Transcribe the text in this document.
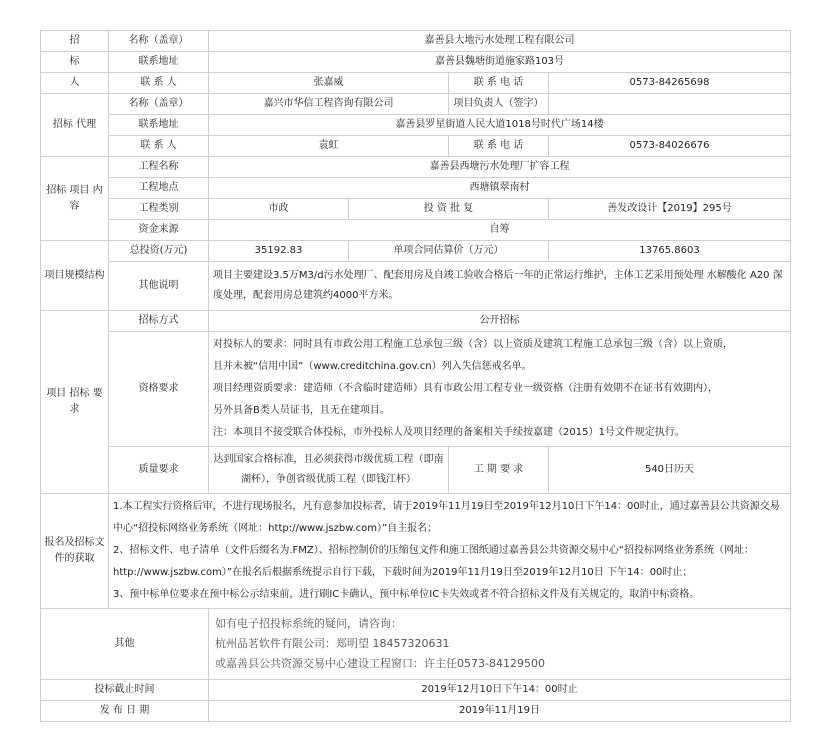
招	名称（盖章）	嘉善县大地污水处理工程有限公司			
标	联系地址	嘉善县魏塘街道施家路103号			
人	联 系 人	张嘉威		联 系 电 话	0573-84265698
招标 代理	名称（盖章）	嘉兴市华信工程咨询有限公司		项目负责人（签字）	
	联系地址	嘉善县罗星街道人民大道1018号时代广场14楼			
	联 系 人	袁虹		联 系 电 话	0573-84026676
招标 项目 内容	工程名称	嘉善县西塘污水处理厂扩容工程			
	工程地点	西塘镇翠南村			
	工程类别	市政	投 资 批 复		善发改设计【2019】295号
	资金来源	自筹			
项目规模结构	总投资(万元)	35192.83	单项合同估算价（万元）		13765.8603
	其他说明	项目主要建设3.5万M3/d污水处理厂、配套用房及自竣工验收合格后一年的正常运行维护，主体工艺采用预处理 水解酸化 A20 深度处理，配套用房总建筑约4000平方米。			
项目 招标 要求	招标方式	公开招标			
	资格要求	对投标人的要求：同时具有市政公用工程施工总承包三级（含）以上资质及建筑工程施工总承包三级（含）以上资质，
且并未被“信用中国”（www.creditchina.gov.cn）列入失信惩戒名单。
项目经理资质要求：建造师（不含临时建造师）具有市政公用工程专业一级资格（注册有效期不在证书有效期内），
另外具备B类人员证书，且无在建项目。
注：本项目不接受联合体投标，市外投标人及项目经理的备案相关手续按嘉建（2015）1号文件规定执行。			

	质量要求	达到国家合格标准，且必须获得市级优质工程（即南湖杯），争创省级优质工程（即钱江杯）		工 期 要 求	540日历天
报名及招标文件的获取	1.本工程实行资格后审，不进行现场报名，凡有意参加投标者，请于2019年11月19日至2019年12月10日下午14：00时止，通过嘉善县公共资源交易中心“招投标网络业务系统（网址：http://www.jszbw.com）”自主报名；
2、招标文件、电子清单（文件后缀名为.FMZ）、招标控制价的压缩包文件和施工图纸通过嘉善县公共资源交易中心“招投标网络业务系统（网址：http://www.jszbw.com）”在报名后根据系统提示自行下载，下载时间为2019年11月19日至2019年12月10日 下午14：00时止；
3、预中标单位要求在预中标公示结束前，进行刷IC卡确认，预中标单位IC卡失效或者不符合招标文件及有关规定的，取消中标资格。				

其他		如有电子招投标系统的疑问，请咨询：
杭州品茗软件有限公司：郑明望 18457320631
或嘉善县公共资源交易中心建设工程窗口：许主任0573-84129500			

投标截止时间		2019年12月10日下午14：00时止			
发 布 日 期		2019年11月19日			
